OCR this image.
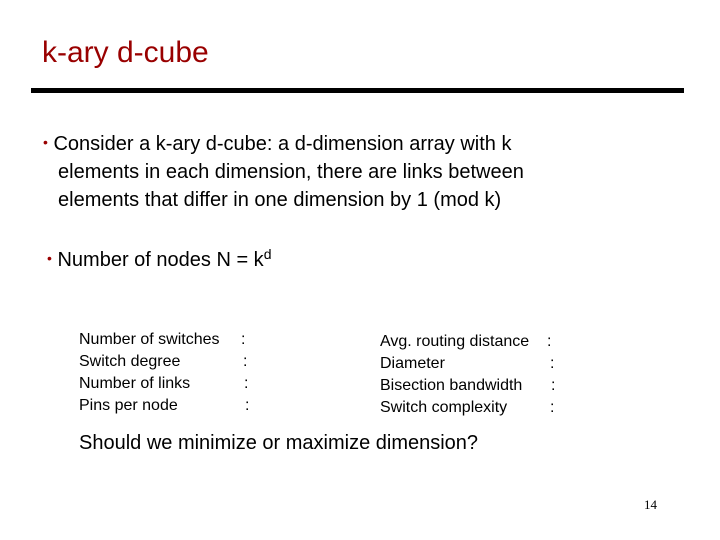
k-ary d-cube
• Consider a k-ary d-cube: a d-dimension array with k
elements in each dimension, there are links between
elements that differ in one dimension by 1 (mod k)
• Number of nodes $N = k^d$
Number of switches :
Switch degree	:
Number of links	:
Pins per node	:
Avg. routing distance :
Diameter	:
Bisection bandwidth :
Switch complexity	:
Should we minimize or maximize dimension?
14
